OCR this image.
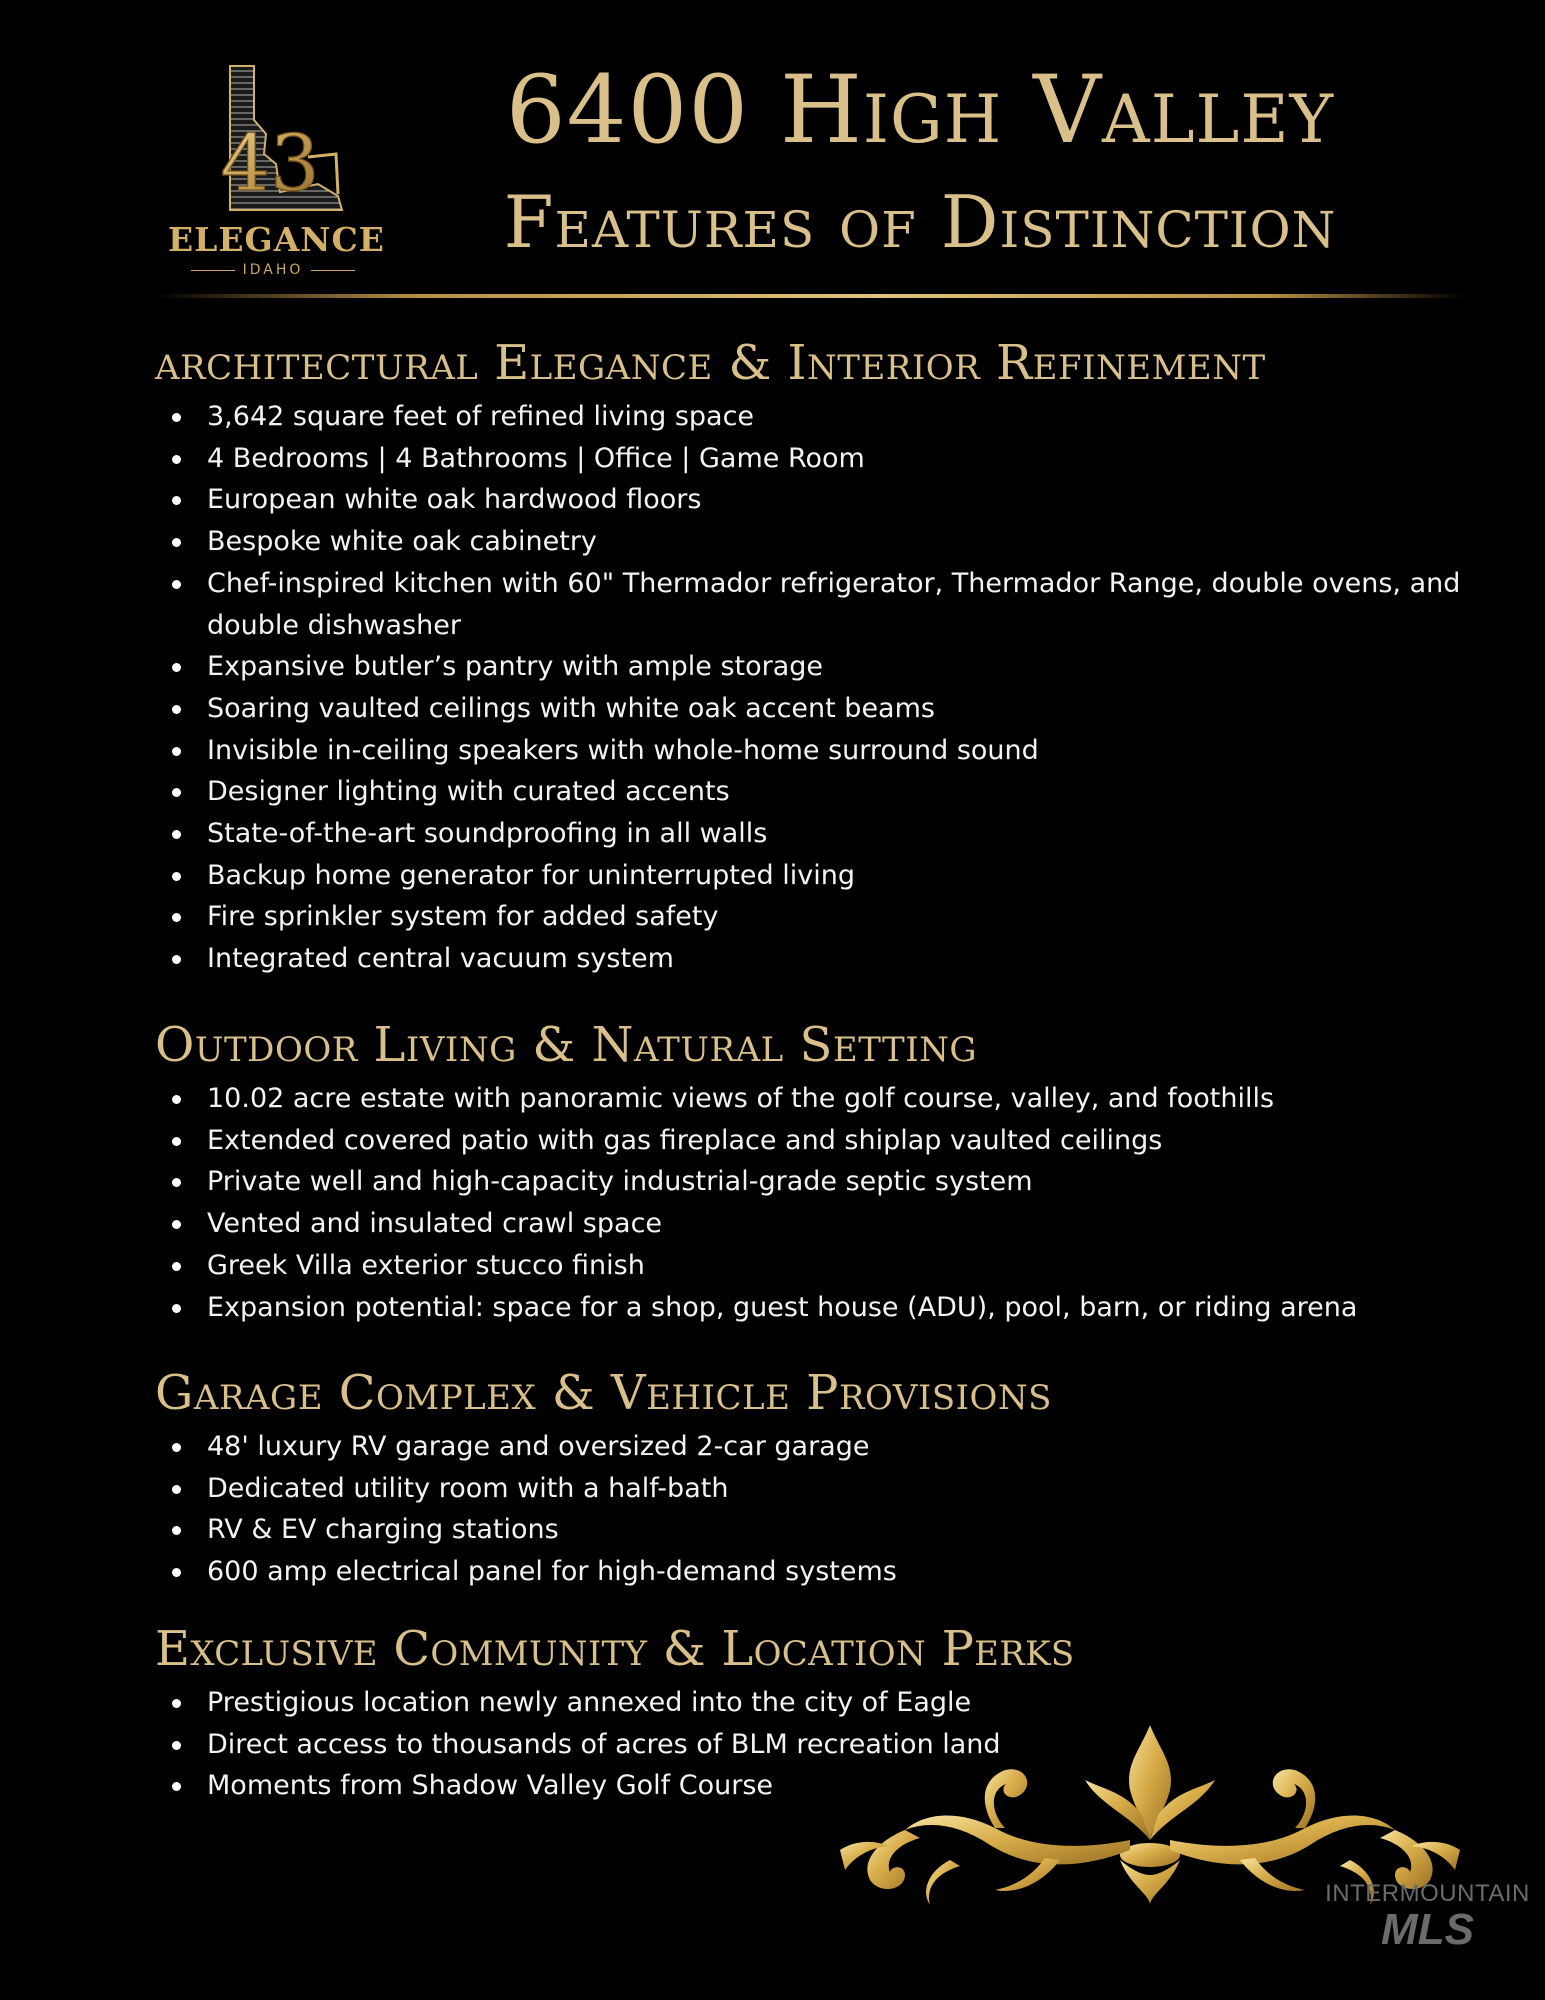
43
ELEGANCE
IDAHO
6400 High Valley
Features of Distinction
architectural Elegance & Interior Refinement
3,642 square feet of refined living space
4 Bedrooms | 4 Bathrooms | Office | Game Room
European white oak hardwood floors
Bespoke white oak cabinetry
Chef-inspired kitchen with 60" Thermador refrigerator, Thermador Range, double ovens, and double dishwasher
Expansive butler’s pantry with ample storage
Soaring vaulted ceilings with white oak accent beams
Invisible in-ceiling speakers with whole-home surround sound
Designer lighting with curated accents
State-of-the-art soundproofing in all walls
Backup home generator for uninterrupted living
Fire sprinkler system for added safety
Integrated central vacuum system
Outdoor Living & Natural Setting
10.02 acre estate with panoramic views of the golf course, valley, and foothills
Extended covered patio with gas fireplace and shiplap vaulted ceilings
Private well and high-capacity industrial-grade septic system
Vented and insulated crawl space
Greek Villa exterior stucco finish
Expansion potential: space for a shop, guest house (ADU), pool, barn, or riding arena
Garage Complex & Vehicle Provisions
48' luxury RV garage and oversized 2-car garage
Dedicated utility room with a half-bath
RV & EV charging stations
600 amp electrical panel for high-demand systems
Exclusive Community & Location Perks
Prestigious location newly annexed into the city of Eagle
Direct access to thousands of acres of BLM recreation land
Moments from Shadow Valley Golf Course
INTERMOUNTAIN
MLS
